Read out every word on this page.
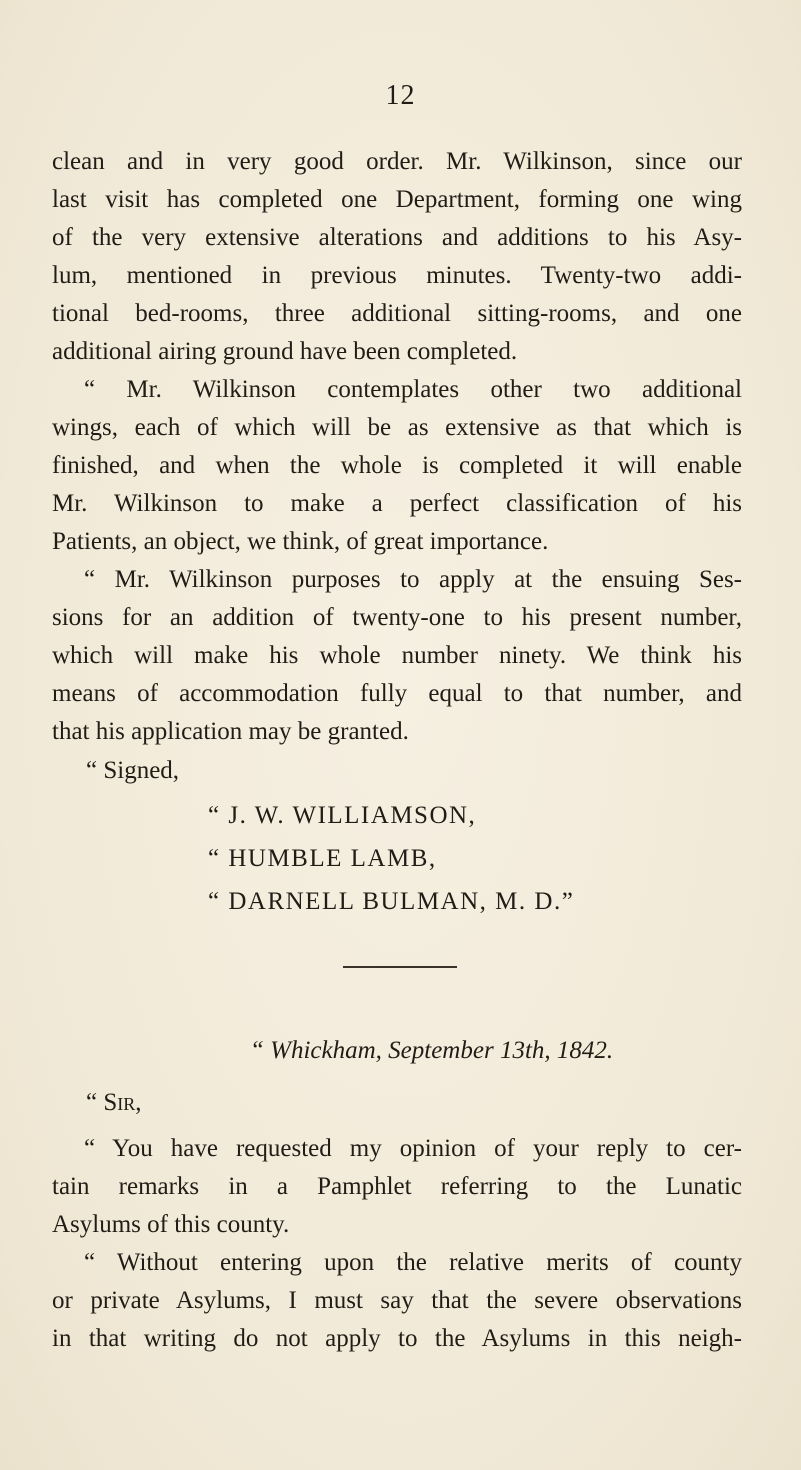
12
clean and in very good order. Mr. Wilkinson, since our
last visit has completed one Department, forming one wing
of the very extensive alterations and additions to his Asy-
lum, mentioned in previous minutes. Twenty-two addi-
tional bed-rooms, three additional sitting-rooms, and one
additional airing ground have been completed.
“ Mr. Wilkinson contemplates other two additional
wings, each of which will be as extensive as that which is
finished, and when the whole is completed it will enable
Mr. Wilkinson to make a perfect classification of his
Patients, an object, we think, of great importance.
“ Mr. Wilkinson purposes to apply at the ensuing Ses-
sions for an addition of twenty-one to his present number,
which will make his whole number ninety. We think his
means of accommodation fully equal to that number, and
that his application may be granted.
“ Signed,
“ J. W. WILLIAMSON,
“ HUMBLE LAMB,
“ DARNELL BULMAN, M. D.”
“ Whickham, September 13th, 1842.
“ Sir,
“ You have requested my opinion of your reply to cer-
tain remarks in a Pamphlet referring to the Lunatic
Asylums of this county.
“ Without entering upon the relative merits of county
or private Asylums, I must say that the severe observations
in that writing do not apply to the Asylums in this neigh-
